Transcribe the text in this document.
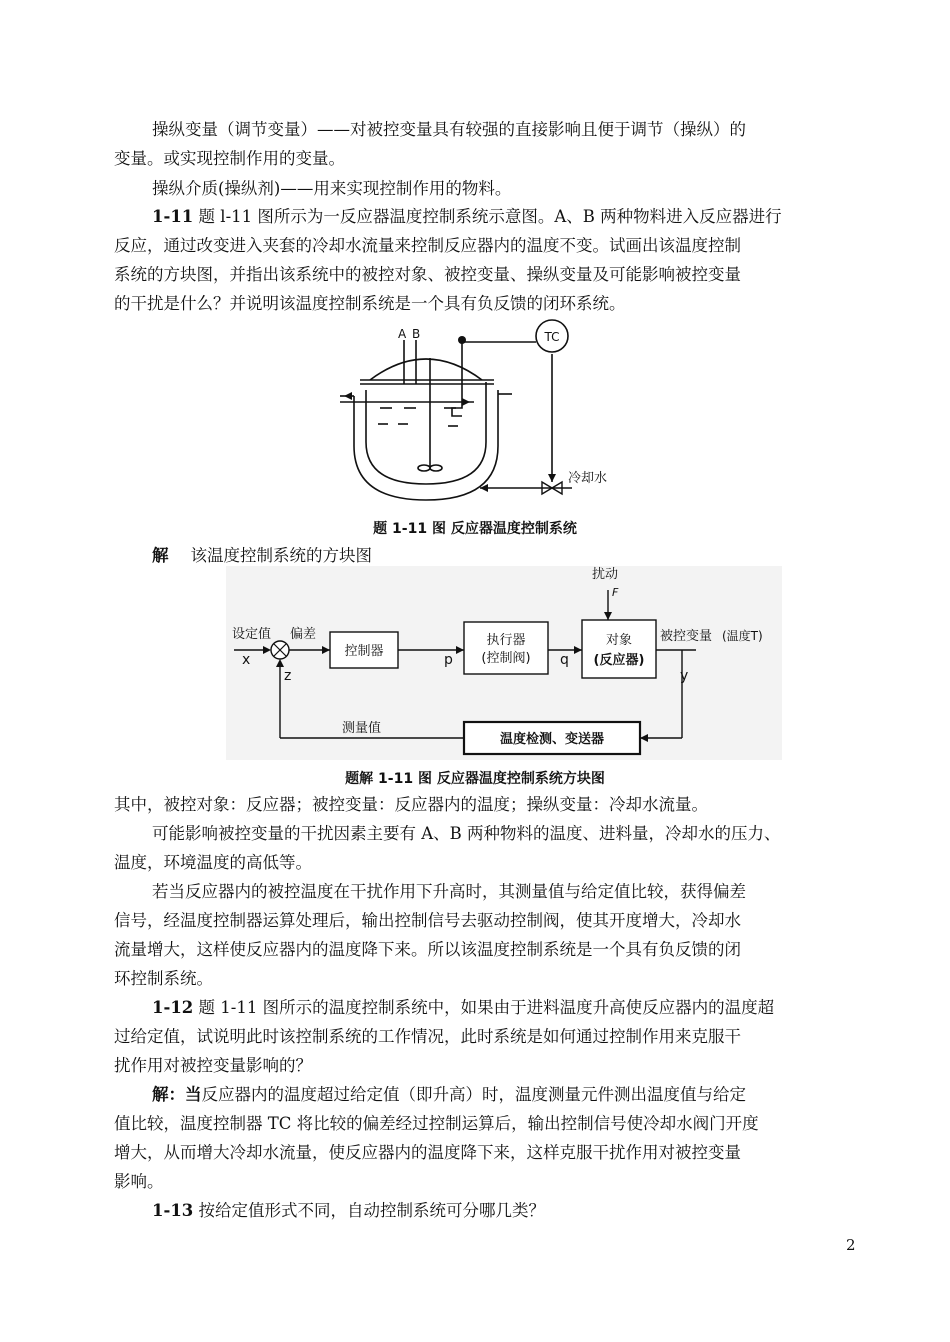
操纵变量（调节变量）——对被控变量具有较强的直接影响且便于调节（操纵）的
变量。或实现控制作用的变量。
操纵介质(操纵剂)——用来实现控制作用的物料。
1-11 题 l-11 图所示为一反应器温度控制系统示意图。A、B 两种物料进入反应器进行
反应，通过改变进入夹套的冷却水流量来控制反应器内的温度不变。试画出该温度控制
系统的方块图，并指出该系统中的被控对象、被控变量、操纵变量及可能影响被控变量
的干扰是什么？并说明该温度控制系统是一个具有负反馈的闭环系统。
TC
A B
冷却水
题 1-11 图 反应器温度控制系统
解 该温度控制系统的方块图
扰动
F
设定值 偏差
x
z
控制器
p
执行器
(控制阀) q
对象
(反应器)
被控变量 (温度T)
y
测量值
温度检测、变送器
题解 1-11 图 反应器温度控制系统方块图
其中，被控对象：反应器；被控变量：反应器内的温度；操纵变量：冷却水流量。
可能影响被控变量的干扰因素主要有 A、B 两种物料的温度、进料量，冷却水的压力、
温度，环境温度的高低等。
若当反应器内的被控温度在干扰作用下升高时，其测量值与给定值比较，获得偏差
信号，经温度控制器运算处理后，输出控制信号去驱动控制阀，使其开度增大，冷却水
流量增大，这样使反应器内的温度降下来。所以该温度控制系统是一个具有负反馈的闭
环控制系统。
1-12 题 1-11 图所示的温度控制系统中，如果由于进料温度升高使反应器内的温度超
过给定值，试说明此时该控制系统的工作情况，此时系统是如何通过控制作用来克服干
扰作用对被控变量影响的？
解：当反应器内的温度超过给定值（即升高）时，温度测量元件测出温度值与给定
值比较，温度控制器 TC 将比较的偏差经过控制运算后，输出控制信号使冷却水阀门开度
增大，从而增大冷却水流量，使反应器内的温度降下来，这样克服干扰作用对被控变量
影响。
1-13 按给定值形式不同，自动控制系统可分哪几类？
2
